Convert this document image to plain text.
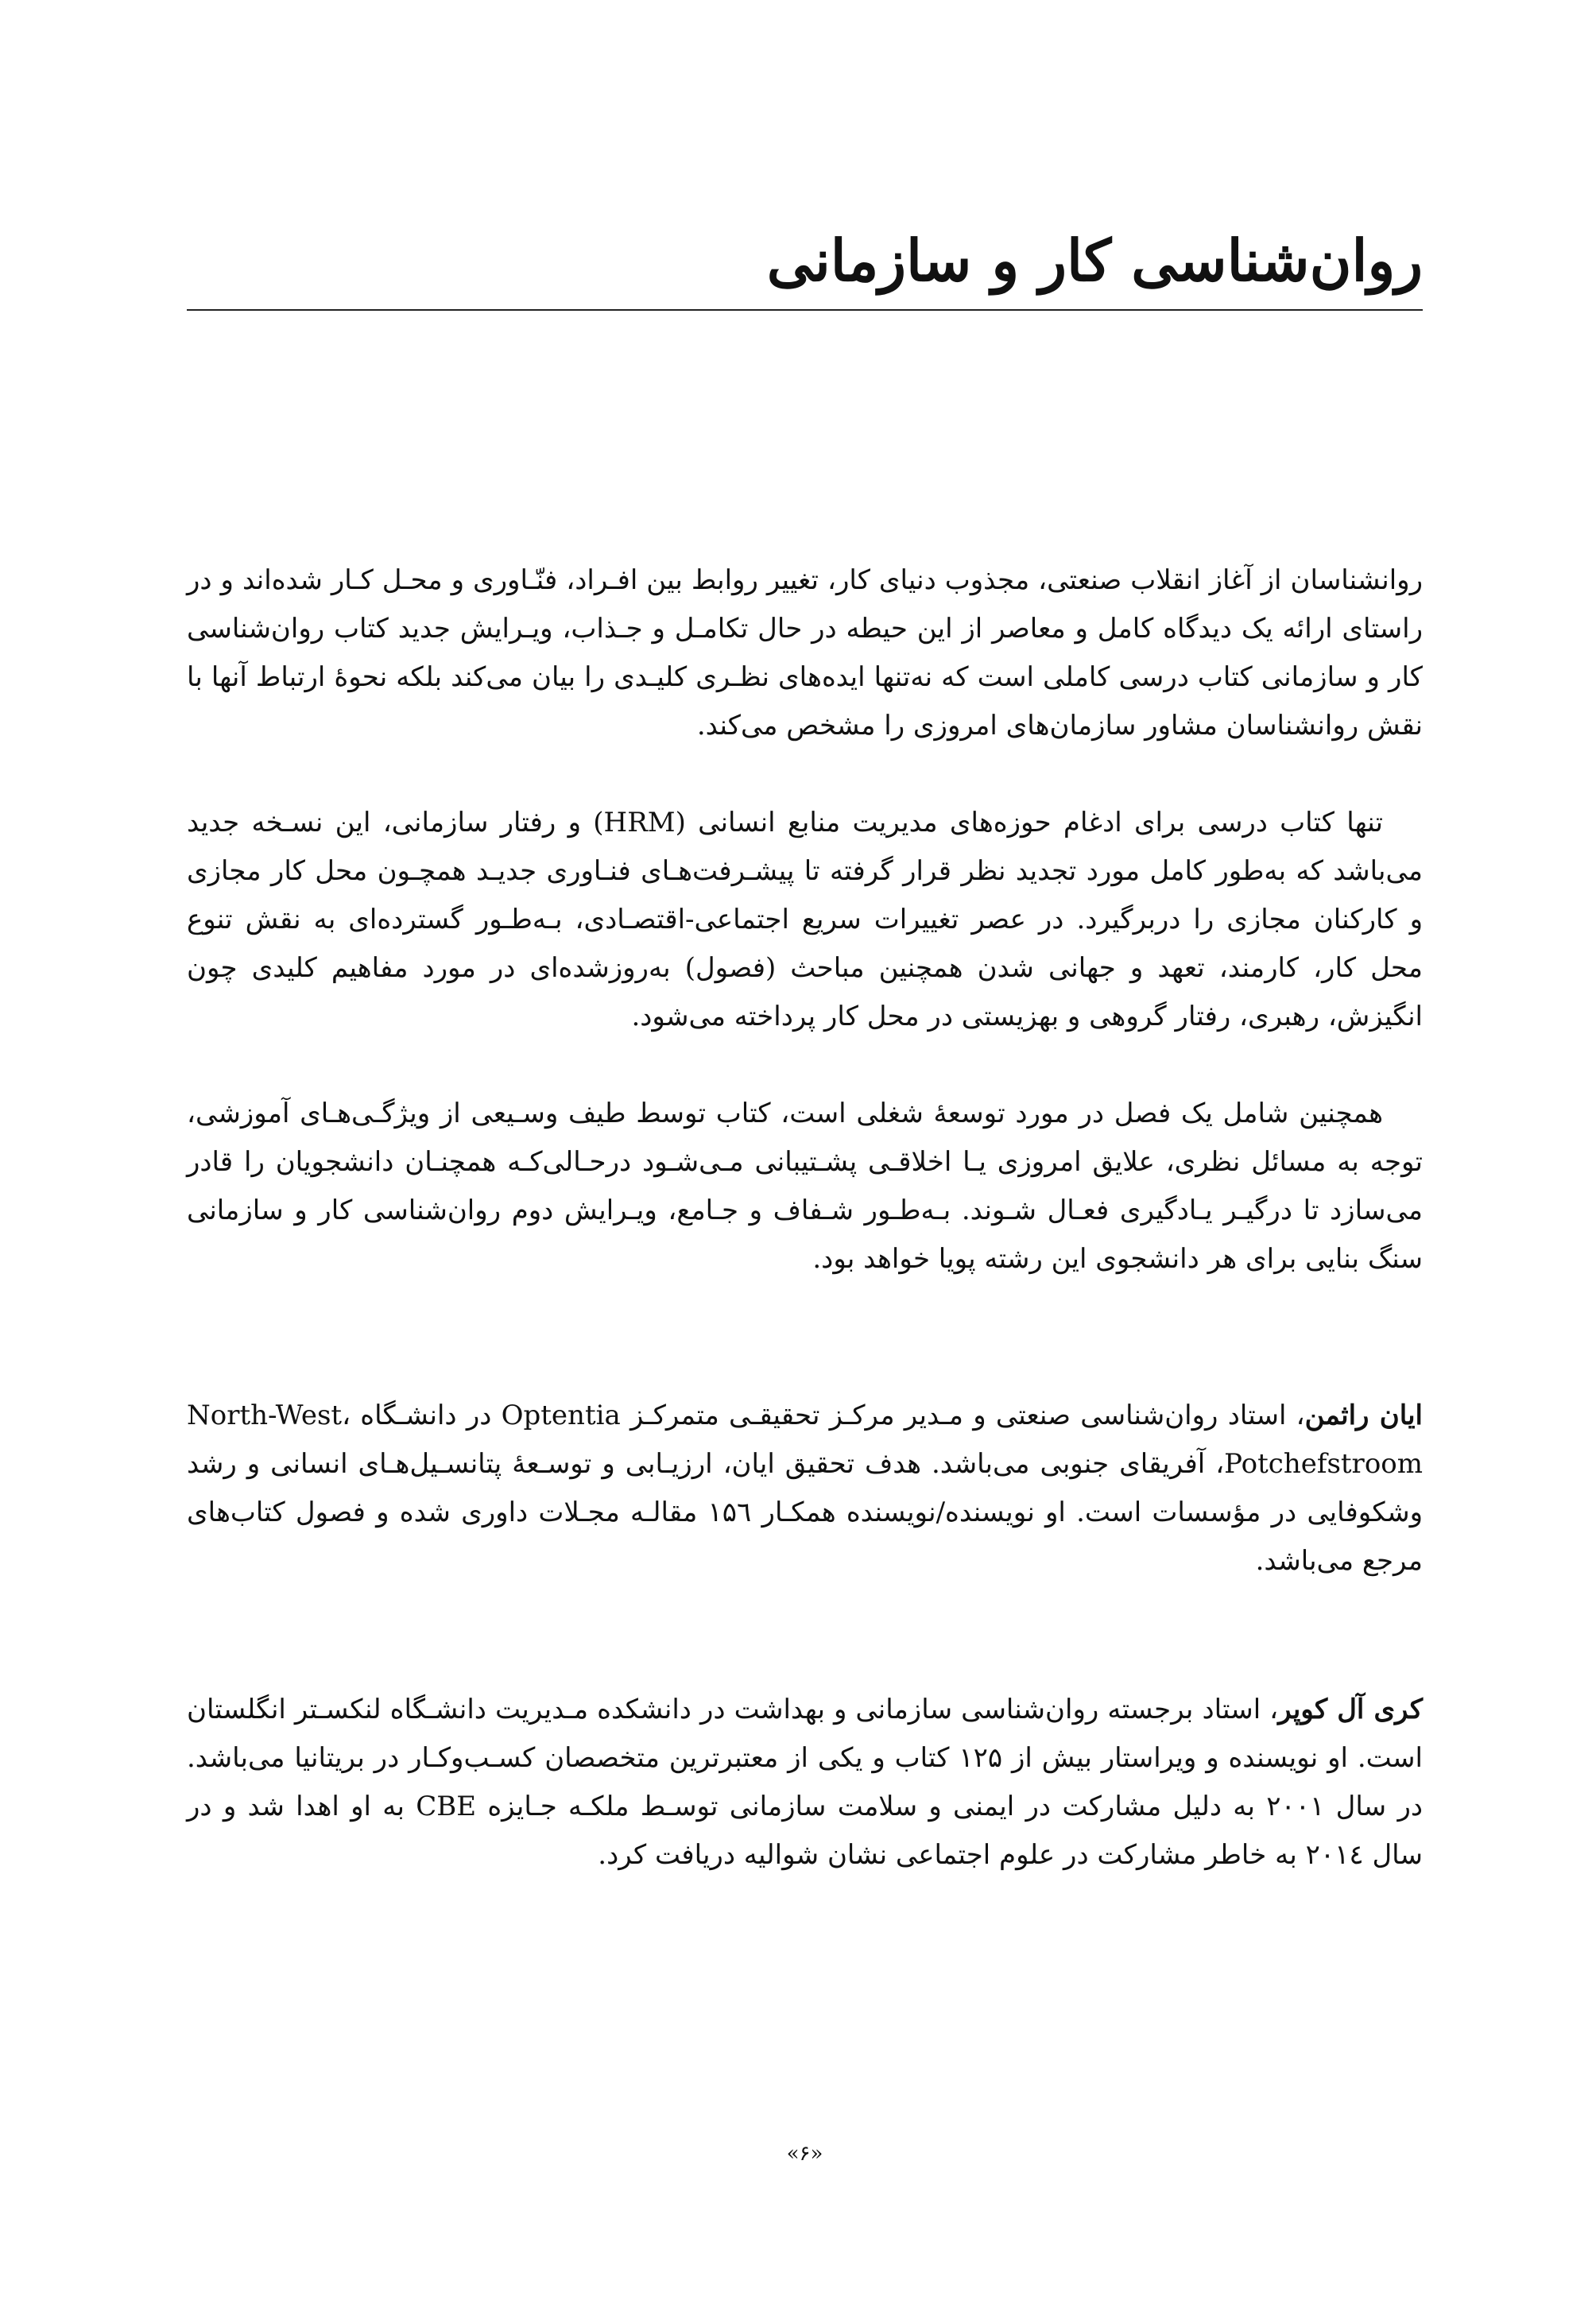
روان‌شناسی کار و سازمانی

روانشناسان از آغاز انقلاب صنعتی، مجذوب دنیای کار، تغییر روابط بین افـراد، فنّـاوری و محـل کـار شده‌اند و در راستای ارائه یک دیدگاه کامل و معاصر از این حیطه در حال تکامـل و جـذاب، ویـرایش جدید کتاب روان‌شناسی کار و سازمانی کتاب درسی کاملی است که نه‌تنها ایده‌های نظـری کلیـدی را بیان می‌کند بلکه نحوهٔ ارتباط آنها با نقش روانشناسان مشاور سازمان‌های امروزی را مشخص می‌کند.

تنها کتاب درسی برای ادغام حوزه‌های مدیریت منابع انسانی (HRM) و رفتار سازمانی، این نسـخه جدید می‌باشد که به‌طور کامل مورد تجدید نظر قرار گرفته تا پیشـرفت‌هـای فنـاوری جدیـد همچـون محل کار مجازی و کارکنان مجازی را دربرگیرد. در عصر تغییرات سریع اجتماعی-اقتصـادی، بـه‌طـور گسترده‌ای به نقش تنوع محل کار، کارمند، تعهد و جهانی شدن همچنین مباحث (فصول) به‌روزشده‌ای در مورد مفاهیم کلیدی چون انگیزش، رهبری، رفتار گروهی و بهزیستی در محل کار پرداخته می‌شود.

همچنین شامل یک فصل در مورد توسعهٔ شغلی است، کتاب توسط طیف وسـیعی از ویژگـی‌هـای آموزشی، توجه به مسائل نظری، علایق امروزی یـا اخلاقـی پشـتیبانی مـی‌شـود درحـالی‌کـه همچنـان دانشجویان را قادر می‌سازد تا درگیـر یـادگیری فعـال شـوند. بـه‌طـور شـفاف و جـامع، ویـرایش دوم روان‌شناسی کار و سازمانی سنگ بنایی برای هر دانشجوی این رشته پویا خواهد بود.

ایان راثمن، استاد روان‌شناسی صنعتی و مـدیر مرکـز تحقیقـی متمرکـز Optentia در دانشـگاه North-West، Potchefstroom، آفریقای جنوبی می‌باشد. هدف تحقیق ایان، ارزیـابی و توسـعهٔ پتانسـیل‌هـای انسانی و رشد وشکوفایی در مؤسسات است. او نویسنده/نویسنده همکـار ۱۵٦ مقالـه مجـلات داوری شده و فصول کتاب‌های مرجع می‌باشد.

کری آل کوپر، استاد برجسته روان‌شناسی سازمانی و بهداشت در دانشکده مـدیریت دانشـگاه لنکسـتر انگلستان است. او نویسنده و ویراستار بیش از ۱۲۵ کتاب و یکی از معتبرترین متخصصان کسـب‌وکـار در بریتانیا می‌باشد. در سال ۲۰۰۱ به دلیل مشارکت در ایمنی و سلامت سازمانی توسـط ملکـه جـایزه CBE به او اهدا شد و در سال ۲۰۱٤ به خاطر مشارکت در علوم اجتماعی نشان شوالیه دریافت کرد.

«۶»
